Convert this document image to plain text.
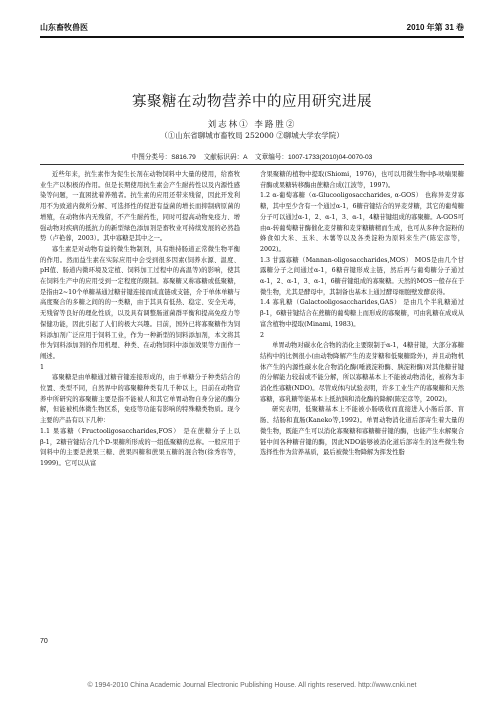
山东畜牧兽医	2010 年第 31 卷
寡聚糖在动物营养中的应用研究进展
刘志林① 李路胜②
（①山东省聊城市畜牧局 252000 ②聊城大学农学院）
中图分类号：S816.79 文献标识码：A 文章编号：1007-1733(2010)04-0070-03

近些年来，抗生素作为促生长剂在动物饲料中大量的使用，给畜牧业生产以积极的作用。但是长期使用抗生素会产生耐药性以及内源性感染等问题，一直困扰着养殖者。抗生素的应用还带来残留，因此开发利用不为致道内微所分解、可选择性的促进有益菌的增长而抑制病原菌的增殖，在动物体内无残留，不产生耐药性，同时可提高动物免疫力、增强动物对疾病的抵抗力的新型绿色添加剂是畜牧业可持续发展的必然趋势（卢艳蓉，2003）。其中寡糖是其中之一。

寡生素是对动物有益的微生物制剂，具有维持肠道正常微生物平衡的作用。然而益生素在实际应用中会受到很多因素(饲养水源、温度、pH值、肠道内微环境及定植、饲料加工过程中的高温等)的影响，使其在饲料生产中的应用受到一定程度的限制。寡聚糖又称寡糖或低聚糖，是指由2~10个单糖基通过糖苷键连接而成直链或支链，介于单体单糖与高度聚合的多糖之间的的一类糖，由于其具有低热、稳定、安全无毒，无残留等良好的理化性质，以及具有调整肠道菌群平衡和提高免疫力等保健功能，因此引起了人们的极大兴趣。目前，国外已将寡聚糖作为饲料添加剂广泛应用于饲料工业，作为一种新型的饲料添加剂，本文将其作为饲料添加剂的作用机理、种类、在动物饲料中添加效果等方面作一阐述。

1

寡聚糖是由单糖通过糖苷键连接形成的，由于单糖分子种类结合的位置、类型不同，自然界中的寡聚糖种类有几千种以上，目前在动物营养中所研究的寡聚糖主要是指不能被人和其它单胃动物自身分泌的酶分解，但能被机体微生物区系，免疫等功能有影响的特殊糖类物质。现今主要的产品有以下几种：

1.1 果寡糖（Fructooligosaccharides,FOS） 是在蔗糖分子上以β-1，2糖苷键结合几个D-果糖所形成的一组低聚糖的总称。一般应用于饲料中的主要是蔗果三糖、蔗果四糖和蔗果五糖的混合物(徐秀容等，1999)。它可以从富

含果聚糖的植物中提取(Shiomi，1976)，也可以用微生物中β-呋喃果糖苷酶或果糖转移酶由蔗糖合成(江波等，1997)。

1.2 α-葡萄寡糖（α-Glucooligosaccharides, α-GOS） 也称异麦芽寡糖，其中至少含有一个通过α-1，6糖苷键结合的异麦芽糖，其它的葡萄糖分子可以通过α-1，2、α-1，3、α-1，4糖苷键组成的寡聚糖。A-GOS可由α-转葡萄糖苷酶催化麦芽糖和麦芽糖糖精而生成，也可从多种含淀粉的蜂食如大米、玉米、木薯等以及各类淀粉为原料来生产(陈宏彦等，2002)。

1.3 甘露寡糖（Mannan-oligosaccharides,MOS） MOS是由几个甘露糖分子之间通过α-1，6糖苷键形成主链，然后再与葡萄糖分子通过α-1，2、α-1，3、α-1，6糖苷键组成的寡聚糖。天然的MOS一般存在于微生物，尤其是酵母中，其制备也基本上通过酵母细胞壁发酵获得。

1.4 寡乳糖（Galactooligosaccharides,GAS） 是由几个半乳糖通过β-1，6糖苷键结合在蔗糖的葡萄糖上而形成的寡聚糖，可由乳糖在成成从富含植物中提取(Minami, 1983)。

2

单胃动物对碳水化合物的消化主要限制于α-1，4糖苷键，大部分寡糖结构中的比例很小(由动物降解产生的麦芽糖和低聚糖除外)，并且动物机体产生的内源性碳水化合物消化酶(唾液淀粉酶、胰淀粉酶)对其他糖苷键的分解能力较弱或不能分解，所以寡糖基本上不能被动物消化，被称为非消化性寡糖(NDO)。尽管成体内试验表明，许多工业生产的寡聚糖和天然寡糖，寡乳糖等能基本上抵抗胰和消化酶的降解(陈宏彦等，2002)。

研究表明，低聚糖基本上不能被小肠吸收而直接进入小肠后部、盲肠、结肠和直肠(Kaneko等,1992)。单胃动物消化道后部寄生着大量的微生物，既能产生可以消化寡聚糖和寡糖糖苷键的酶，也能产生水解聚合链中间各种糖苷键的酶，因此NDO能够被消化道后部寄生的这些微生物选择性作为营养基质，最后被微生物降解为挥发性脂

70
© 1994-2010 China Academic Journal Electronic Publishing House. All rights reserved. http://www.cnki.net
